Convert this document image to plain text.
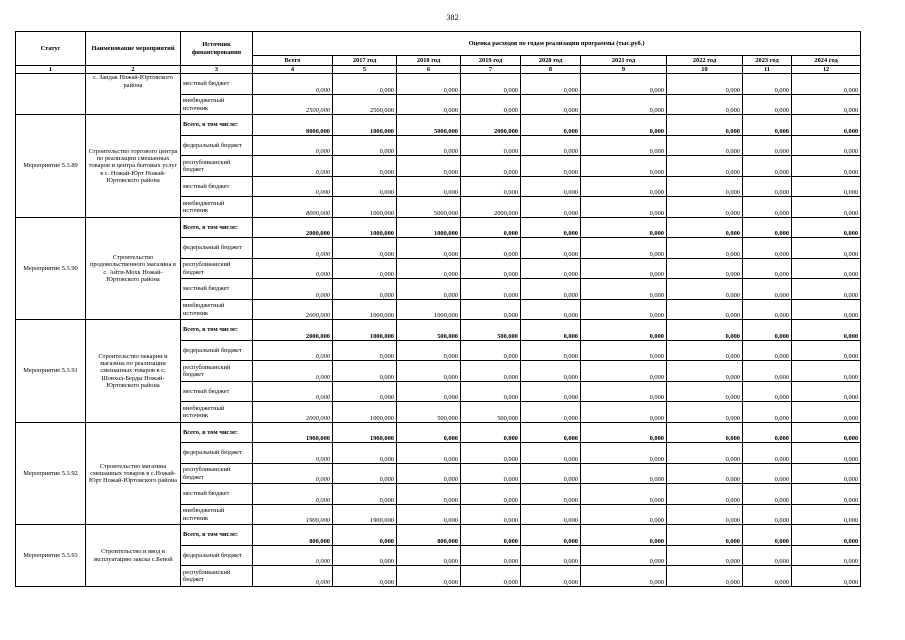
382
Статус	Наименование мероприятий	Источник финансирования	Оценка расходов по годам реализации программы (тыс.руб.)								
			Всего	2017 год	2018 год	2019 год	2020 год	2021 год	2022 год	2023 год	2024 год
1	2	3	4	5	6	7	8	9	10	11	12
	с. Зандак Ножай-Юртовского района	местный бюджет	0,000	0,000	0,000	0,000	0,000	0,000	0,000	0,000	0,000
		внебюджетный источник	2500,000	2500,000	0,000	0,000	0,000	0,000	0,000	0,000	0,000
Мероприятие 5.3.89	Строительство торгового центра по реализации смешанных товаров и центра бытовых услуг в с. Ножай-Юрт Ножай-Юртовского района	Всего, в том числе:	8000,000	1000,000	5000,000	2000,000	0,000	0,000	0,000	0,000	0,000
		федеральный бюджет	0,000	0,000	0,000	0,000	0,000	0,000	0,000	0,000	0,000
		республиканский бюджет	0,000	0,000	0,000	0,000	0,000	0,000	0,000	0,000	0,000
		местный бюджет	0,000	0,000	0,000	0,000	0,000	0,000	0,000	0,000	0,000
		внебюджетный источник	8000,000	1000,000	5000,000	2000,000	0,000	0,000	0,000	0,000	0,000
Мероприятие 5.3.90	Строительство продовольственного магазина в с. Айти-Мохк Ножай-Юртовского района	Всего, в том числе:	2000,000	1000,000	1000,000	0,000	0,000	0,000	0,000	0,000	0,000
		федеральный бюджет	0,000	0,000	0,000	0,000	0,000	0,000	0,000	0,000	0,000
		республиканский бюджет	0,000	0,000	0,000	0,000	0,000	0,000	0,000	0,000	0,000
		местный бюджет	0,000	0,000	0,000	0,000	0,000	0,000	0,000	0,000	0,000
		внебюджетный источник	2000,000	1000,000	1000,000	0,000	0,000	0,000	0,000	0,000	0,000
Мероприятие 5.3.91	Строительство пекарни и магазина по реализации смешанных товаров в с. Шовхал-Берды Ножай-Юртовского района	Всего, в том числе:	2000,000	1000,000	500,000	500,000	0,000	0,000	0,000	0,000	0,000
		федеральный бюджет	0,000	0,000	0,000	0,000	0,000	0,000	0,000	0,000	0,000
		республиканский бюджет	0,000	0,000	0,000	0,000	0,000	0,000	0,000	0,000	0,000
		местный бюджет	0,000	0,000	0,000	0,000	0,000	0,000	0,000	0,000	0,000
		внебюджетный источник	2000,000	1000,000	500,000	500,000	0,000	0,000	0,000	0,000	0,000
Мероприятие 5.3.92	Строительство магазина смешанных товаров в с.Ножай-Юрт Ножай-Юртовского района	Всего, в том числе:	1900,000	1900,000	0,000	0,000	0,000	0,000	0,000	0,000	0,000
		федеральный бюджет	0,000	0,000	0,000	0,000	0,000	0,000	0,000	0,000	0,000
		республиканский бюджет	0,000	0,000	0,000	0,000	0,000	0,000	0,000	0,000	0,000
		местный бюджет	0,000	0,000	0,000	0,000	0,000	0,000	0,000	0,000	0,000
		внебюджетный источник	1900,000	1900,000	0,000	0,000	0,000	0,000	0,000	0,000	0,000
Мероприятие 5.3.93	Строительство и ввод в эксплуатацию закска с.Беной	Всего, в том числе:	800,000	0,000	800,000	0,000	0,000	0,000	0,000	0,000	0,000
		федеральный бюджет	0,000	0,000	0,000	0,000	0,000	0,000	0,000	0,000	0,000
		республиканский бюджет	0,000	0,000	0,000	0,000	0,000	0,000	0,000	0,000	0,000
